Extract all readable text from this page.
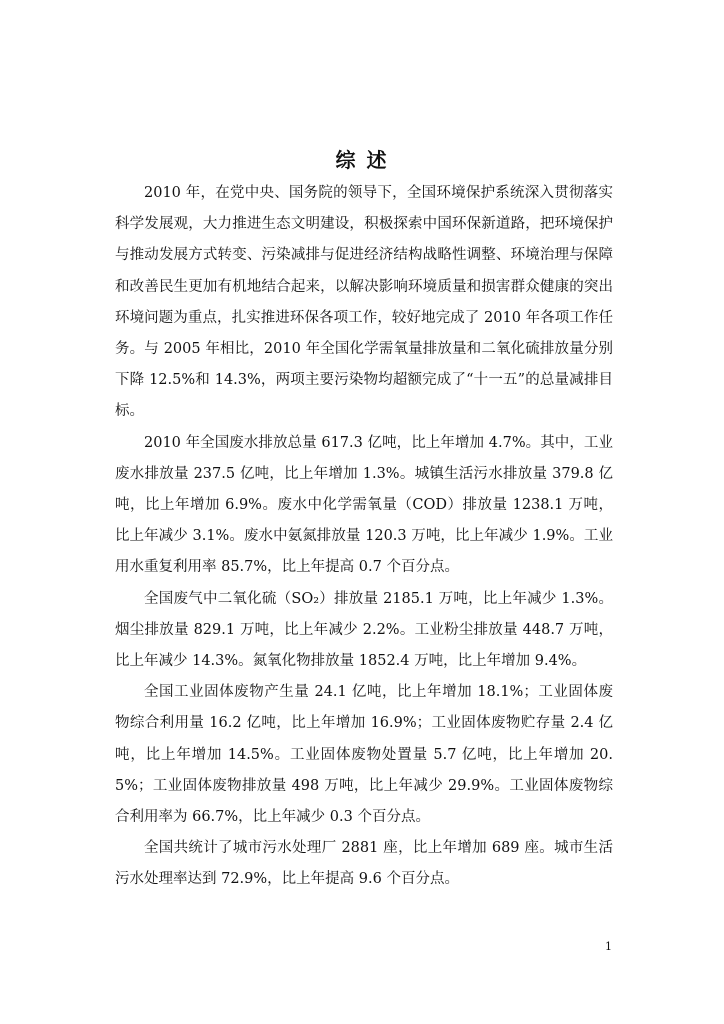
综 述

2010 年，在党中央、国务院的领导下，全国环境保护系统深入贯彻落实科学发展观，大力推进生态文明建设，积极探索中国环保新道路，把环境保护与推动发展方式转变、污染减排与促进经济结构战略性调整、环境治理与保障和改善民生更加有机地结合起来，以解决影响环境质量和损害群众健康的突出环境问题为重点，扎实推进环保各项工作，较好地完成了 2010 年各项工作任务。与 2005 年相比，2010 年全国化学需氧量排放量和二氧化硫排放量分别下降 12.5%和 14.3%，两项主要污染物均超额完成了“十一五”的总量减排目标。

2010 年全国废水排放总量 617.3 亿吨，比上年增加 4.7%。其中，工业废水排放量 237.5 亿吨，比上年增加 1.3%。城镇生活污水排放量 379.8 亿吨，比上年增加 6.9%。废水中化学需氧量（COD）排放量 1238.1 万吨，比上年减少 3.1%。废水中氨氮排放量 120.3 万吨，比上年减少 1.9%。工业用水重复利用率 85.7%，比上年提高 0.7 个百分点。

全国废气中二氧化硫（SO₂）排放量 2185.1 万吨，比上年减少 1.3%。烟尘排放量 829.1 万吨，比上年减少 2.2%。工业粉尘排放量 448.7 万吨，比上年减少 14.3%。氮氧化物排放量 1852.4 万吨，比上年增加 9.4%。

全国工业固体废物产生量 24.1 亿吨，比上年增加 18.1%；工业固体废物综合利用量 16.2 亿吨，比上年增加 16.9%；工业固体废物贮存量 2.4 亿吨，比上年增加 14.5%。工业固体废物处置量 5.7 亿吨，比上年增加 20.5%；工业固体废物排放量 498 万吨，比上年减少 29.9%。工业固体废物综合利用率为 66.7%，比上年减少 0.3 个百分点。

全国共统计了城市污水处理厂 2881 座，比上年增加 689 座。城市生活污水处理率达到 72.9%，比上年提高 9.6 个百分点。

1
